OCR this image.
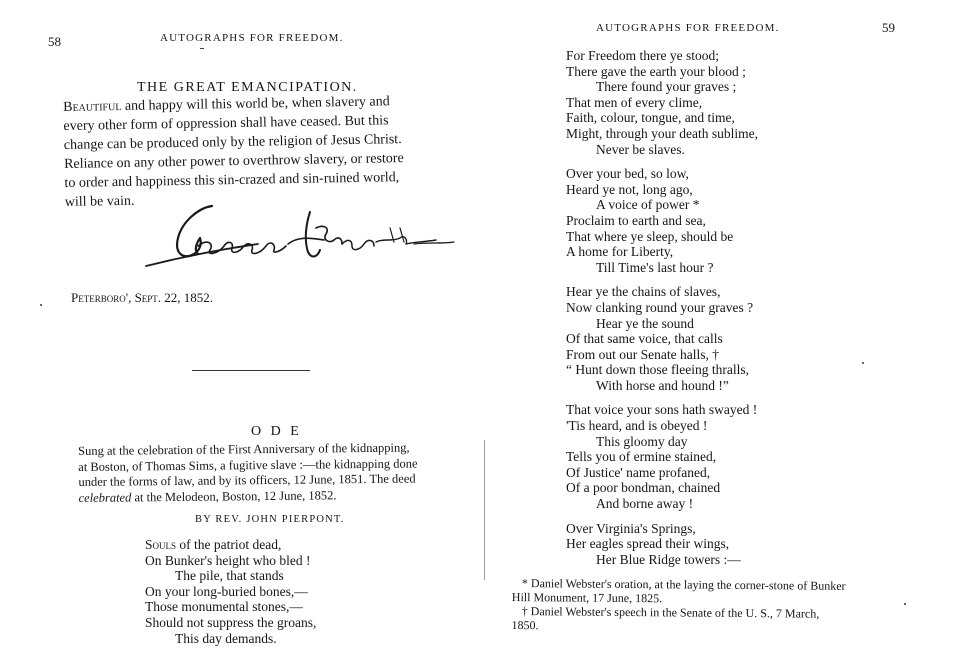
58	AUTOGRAPHS FOR FREEDOM.
THE GREAT EMANCIPATION.
Beautiful and happy will this world be, when slavery and
every other form of oppression shall have ceased. But this
change can be produced only by the religion of Jesus Christ.
Reliance on any other power to overthrow slavery, or restore
to order and happiness this sin-crazed and sin-ruined world,
will be vain.
Peterboro', Sept. 22, 1852.
O D E
Sung at the celebration of the First Anniversary of the kidnapping,
at Boston, of Thomas Sims, a fugitive slave :—the kidnapping done
under the forms of law, and by its officers, 12 June, 1851. The deed
celebrated at the Melodeon, Boston, 12 June, 1852.
BY REV. JOHN PIERPONT.
Souls of the patriot dead,
On Bunker's height who bled !
The pile, that stands
On your long-buried bones,—
Those monumental stones,—
Should not suppress the groans,
This day demands.
AUTOGRAPHS FOR FREEDOM.	59
For Freedom there ye stood;
There gave the earth your blood ;
There found your graves ;
That men of every clime,
Faith, colour, tongue, and time,
Might, through your death sublime,
Never be slaves.
Over your bed, so low,
Heard ye not, long ago,
A voice of power *
Proclaim to earth and sea,
That where ye sleep, should be
A home for Liberty,
Till Time's last hour ?
Hear ye the chains of slaves,
Now clanking round your graves ?
Hear ye the sound
Of that same voice, that calls
From out our Senate halls, †
“ Hunt down those fleeing thralls,
With horse and hound !”
That voice your sons hath swayed !
'Tis heard, and is obeyed !
This gloomy day
Tells you of ermine stained,
Of Justice' name profaned,
Of a poor bondman, chained
And borne away !
Over Virginia's Springs,
Her eagles spread their wings,
Her Blue Ridge towers :—
* Daniel Webster's oration, at the laying the corner-stone of Bunker
Hill Monument, 17 June, 1825.
† Daniel Webster's speech in the Senate of the U. S., 7 March,
1850.
